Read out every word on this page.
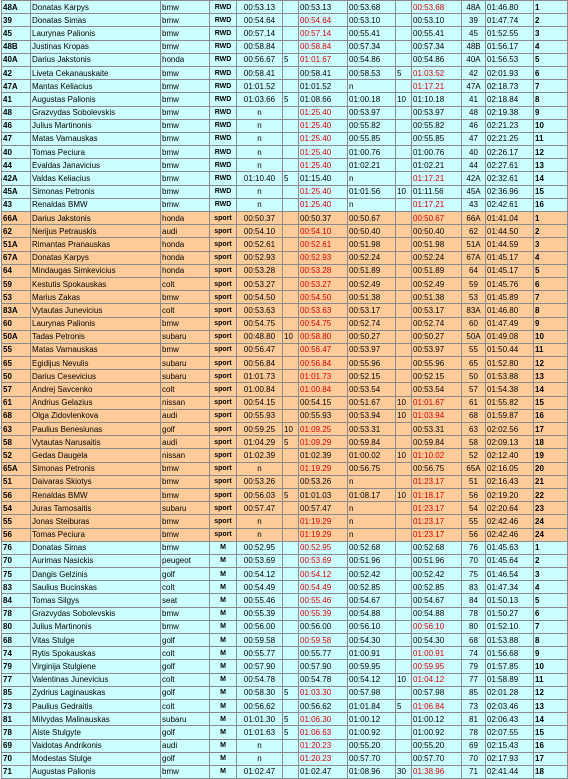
48A	Donatas Karpys	bmw	RWD	00:53.13		00:53.13	00:53.68		00:53.68	48A	01:46.80	1
39	Donatas Simas	bmw	RWD	00:54.64		00:54.64	00:53.10		00:53.10	39	01:47.74	2
45	Laurynas Palionis	bmw	RWD	00:57.14		00:57.14	00:55.41		00:55.41	45	01:52.55	3
48B	Justinas Kropas	bmw	RWD	00:58.84		00:58.84	00:57.34		00:57.34	48B	01:56.17	4
40A	Darius Jakstonis	honda	RWD	00:56.67	5	01:01.67	00:54.86		00:54.86	40A	01:56.53	5
42	Liveta Cekanauskaite	bmw	RWD	00:58.41		00:58.41	00:58.53	5	01:03.52	42	02:01.93	6
47A	Mantas Keliacius	bmw	RWD	01:01.52		01:01.52	n		01:17.21	47A	02:18.73	7
41	Augustas Palionis	bmw	RWD	01:03.66	5	01:08.66	01:00.18	10	01:10.18	41	02:18.84	8
48	Grazvydas Sobolevskis	bmw	RWD	n		01:25.40	00:53.97		00:53.97	48	02:19.38	9
46	Julius Martinonis	bmw	RWD	n		01:25.40	00:55.82		00:55.82	46	02:21.23	10
47	Matas Varnauskas	bmw	RWD	n		01:25.40	00:55.85		00:55.85	47	02:21.25	11
40	Tomas Peciura	bmw	RWD	n		01:25.40	01:00.76		01:00.76	40	02:26.17	12
44	Evaldas Janavicius	bmw	RWD	n		01:25.40	01:02.21		01:02.21	44	02:27.61	13
42A	Valdas Keliacius	bmw	RWD	01:10.40	5	01:15.40	n		01:17.21	42A	02:32.61	14
45A	Simonas Petronis	bmw	RWD	n		01:25.40	01:01.56	10	01:11.56	45A	02:36.96	15
43	Renaldas BMW	bmw	RWD	n		01:25.40	n		01:17.21	43	02:42.61	16
66A	Darius Jakstonis	honda	sport	00:50.37		00:50.37	00:50.67		00:50.67	66A	01:41.04	1
62	Nerijus Petrauskis	audi	sport	00:54.10		00:54.10	00:50.40		00:50.40	62	01:44.50	2
51A	Rimantas Pranauskas	honda	sport	00:52.61		00:52.61	00:51.98		00:51.98	51A	01:44.59	3
67A	Donatas Karpys	honda	sport	00:52.93		00:52.93	00:52.24		00:52.24	67A	01:45.17	4
64	Mindaugas Simkevicius	honda	sport	00:53.28		00:53.28	00:51.89		00:51.89	64	01:45.17	5
59	Kestutis Spokauskas	colt	sport	00:53.27		00:53.27	00:52.49		00:52.49	59	01:45.76	6
53	Marius Zakas	bmw	sport	00:54.50		00:54.50	00:51.38		00:51.38	53	01:45.89	7
83A	Vytautas Junevicius	colt	sport	00:53.63		00:53.63	00:53.17		00:53.17	83A	01:46.80	8
60	Laurynas Palionis	bmw	sport	00:54.75		00:54.75	00:52.74		00:52.74	60	01:47.49	9
50A	Tadas Petronis	subaru	sport	00:48.80	10	00:58.80	00:50.27		00:50.27	50A	01:49.08	10
55	Matas Varnauskas	bmw	sport	00:56.47		00:56.47	00:53.97		00:53.97	55	01:50.44	11
65	Egidijus Nevulis	subaru	sport	00:56.84		00:56.84	00:55.96		00:55.96	65	01:52.80	12
50	Darius Cesevicius	subaru	sport	01:01.73		01:01.73	00:52.15		00:52.15	50	01:53.88	13
57	Andrej Savcenko	colt	sport	01:00.84		01:00.84	00:53.54		00:53.54	57	01:54.38	14
61	Andrius Gelazius	nissan	sport	00:54.15		00:54.15	00:51.67	10	01:01.67	61	01:55.82	15
68	Olga Zidovlenkova	audi	sport	00:55.93		00:55.93	00:53.94	10	01:03.94	68	01:59.87	16
63	Paulius Benesiunas	golf	sport	00:59.25	10	01:09.25	00:53.31		00:53.31	63	02:02.56	17
58	Vytautas Narusaitis	audi	sport	01:04.29	5	01:09.29	00:59.84		00:59.84	58	02:09.13	18
52	Gedas Daugela	nissan	sport	01:02.39		01:02.39	01:00.02	10	01:10.02	52	02:12.40	19
65A	Simonas Petronis	bmw	sport	n		01:19.29	00:56.75		00:56.75	65A	02:16.05	20
51	Daivaras Skiotys	bmw	sport	00:53.26		00:53.26	n		01:23.17	51	02:16.43	21
56	Renaldas BMW	bmw	sport	00:56.03	5	01:01.03	01:08.17	10	01:18.17	56	02:19.20	22
54	Juras Tamosaitis	subaru	sport	00:57.47		00:57.47	n		01:23.17	54	02:20.64	23
55	Jonas Steiburas	bmw	sport	n		01:19.29	n		01:23.17	55	02:42.46	24
56	Tomas Peciura	bmw	sport	n		01:19.29	n		01:23.17	56	02:42.46	24
76	Donatas Simas	bmw	M	00:52.95		00:52.95	00:52.68		00:52.68	76	01:45.63	1
70	Aurimas Nasickis	peugeot	M	00:53.69		00:53.69	00:51.96		00:51.96	70	01:45.64	2
75	Dangis Gelzinis	golf	M	00:54.12		00:54.12	00:52.42		00:52.42	75	01:46.54	3
83	Saulius Bucinskas	colt	M	00:54.49		00:54.49	00:52.85		00:52.85	83	01:47.34	4
84	Tomas Silgys	seat	M	00:55.46		00:55.46	00:54.67		00:54.67	84	01:50.13	5
78	Grazvydas Sobolevskis	bmw	M	00:55.39		00:55.39	00:54.88		00:54.88	78	01:50.27	6
80	Julius Martinonis	bmw	M	00:56.00		00:56.00	00:56.10		00:56.10	80	01:52.10	7
68	Vitas Stulge	golf	M	00:59.58		00:59.58	00:54.30		00:54.30	68	01:53.88	8
74	Rytis Spokauskas	colt	M	00:55.77		00:55.77	01:00.91		01:00.91	74	01:56.68	9
79	Virginija Stulgiene	golf	M	00:57.90		00:57.90	00:59.95		00:59.95	79	01:57.85	10
77	Valentinas Junevicius	colt	M	00:54.78		00:54.78	00:54.12	10	01:04.12	77	01:58.89	11
85	Zydrius Laginauskas	golf	M	00:58.30	5	01:03.30	00:57.98		00:57.98	85	02:01.28	12
73	Paulius Gedraitis	colt	M	00:56.62		00:56.62	01:01.84	5	01:06.84	73	02:03.46	13
81	Milvydas Malinauskas	subaru	M	01:01.30	5	01:06.30	01:00.12		01:00.12	81	02:06.43	14
78	Aiste Stulgyte	golf	M	01:01.63	5	01:06.63	01:00.92		01:00.92	78	02:07.55	15
69	Vaidotas Andrikonis	audi	M	n		01:20.23	00:55.20		00:55.20	69	02:15.43	16
70	Modestas Stulge	golf	M	n		01:20.23	00:57.70		00:57.70	70	02:17.93	17
71	Augustas Palionis	bmw	M	01:02.47		01:02.47	01:08.96	30	01:38.96	71	02:41.44	18
